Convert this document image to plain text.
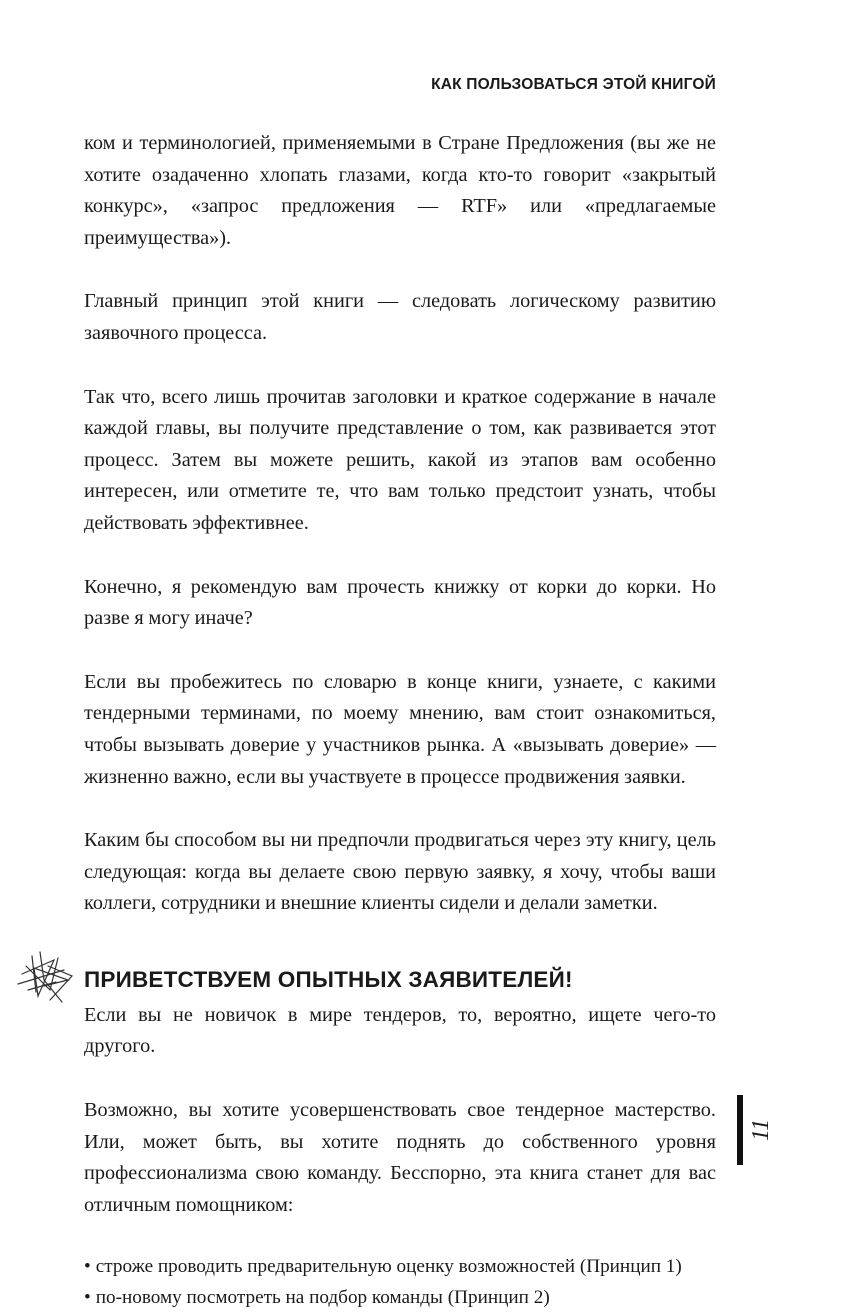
КАК ПОЛЬЗОВАТЬСЯ ЭТОЙ КНИГОЙ

ком и терминологией, применяемыми в Стране Предложения (вы же не хотите озадаченно хлопать глазами, когда кто-то говорит «закрытый конкурс», «запрос предложения — RTF» или «предлагаемые преимущества»).

Главный принцип этой книги — следовать логическому развитию заявочного процесса.

Так что, всего лишь прочитав заголовки и краткое содержание в начале каждой главы, вы получите представление о том, как развивается этот процесс. Затем вы можете решить, какой из этапов вам особенно интересен, или отметите те, что вам только предстоит узнать, чтобы действовать эффективнее.

Конечно, я рекомендую вам прочесть книжку от корки до корки. Но разве я могу иначе?

Если вы пробежитесь по словарю в конце книги, узнаете, с какими тендерными терминами, по моему мнению, вам стоит ознакомиться, чтобы вызывать доверие у участников рынка. А «вызывать доверие» — жизненно важно, если вы участвуете в процессе продвижения заявки.

Каким бы способом вы ни предпочли продвигаться через эту книгу, цель следующая: когда вы делаете свою первую заявку, я хочу, чтобы ваши коллеги, сотрудники и внешние клиенты сидели и делали заметки.

ПРИВЕТСТВУЕМ ОПЫТНЫХ ЗАЯВИТЕЛЕЙ!

Если вы не новичок в мире тендеров, то, вероятно, ищете чего-то другого.

Возможно, вы хотите усовершенствовать свое тендерное мастерство. Или, может быть, вы хотите поднять до собственного уровня профессионализма свою команду. Бесспорно, эта книга станет для вас отличным помощником:

• строже проводить предварительную оценку возможностей (Принцип 1)
• по-новому посмотреть на подбор команды (Принцип 2)
11
